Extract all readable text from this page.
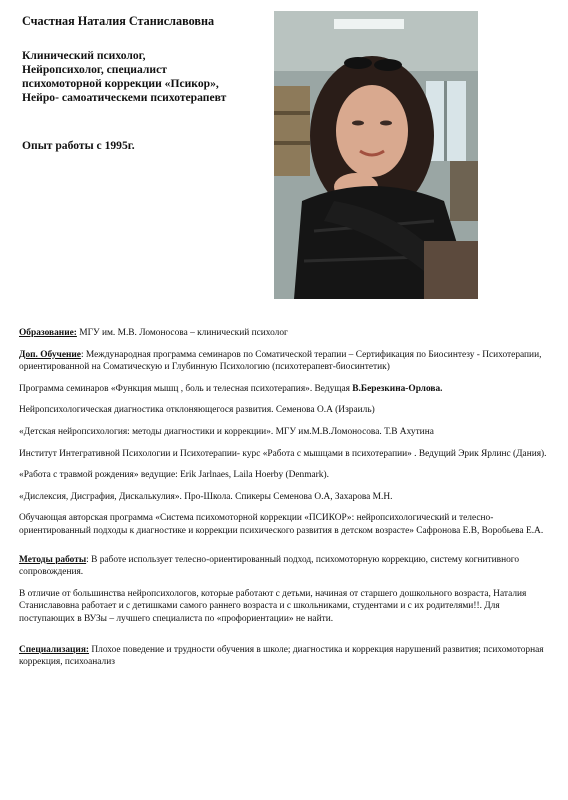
Счастная Наталия Станиславовна
Клинический психолог,
Нейропсихолог, специалист
психомоторной коррекции «Псикор»,
Нейро- самоатическеми психотерапевт
Опыт работы с 1995г.

Образование: МГУ им. М.В. Ломоносова – клинический психолог

Доп. Обучение: Международная программа семинаров по Соматической терапии – Сертификация по Биосинтезу - Психотерапии, ориентированной на Соматическую и Глубинную Психологию (психотерапевт-биосинтетик)

Программа семинаров «Функция мышц , боль и телесная психотерапия». Ведущая В.Березкина-Орлова.

Нейропсихологическая диагностика отклоняющегося развития. Семенова О.А (Израиль)

«Детская нейропсихология: методы диагностики и коррекции». МГУ им.М.В.Ломоносова. Т.В Ахутина

Институт Интегративной Психологии и Психотерапии- курс «Работа с мышцами в психотерапии» . Ведущий Эрик Ярлинс (Дания).

«Работа с травмой рождения» ведущие: Erik Jarlnaes, Laila Hoerby (Denmark).

«Дислексия, Дисграфия, Дискалькулия». Про-Школа. Спикеры Семенова О.А, Захарова М.Н.

Обучающая авторская программа «Система психомоторной коррекции «ПСИКОР»: нейропсихологический и телесно-ориентированный подходы к диагностике и коррекции психического развития в детском возрасте» Сафронова Е.В, Воробьева Е.А.

Методы работы: В работе использует телесно-ориентированный подход, психомоторную коррекцию, систему когнитивного сопровождения.

В отличие от большинства нейропсихологов, которые работают с детьми, начиная от старшего дошкольного возраста, Наталия Станиславовна работает и с детишками самого раннего возраста и с школьниками, студентами и с их родителями!!. Для поступающих в ВУЗы – лучшего специалиста по «профориентации» не найти.

Специализация: Плохое поведение и трудности обучения в школе; диагностика и коррекция нарушений развития; психомоторная коррекция, психоанализ
